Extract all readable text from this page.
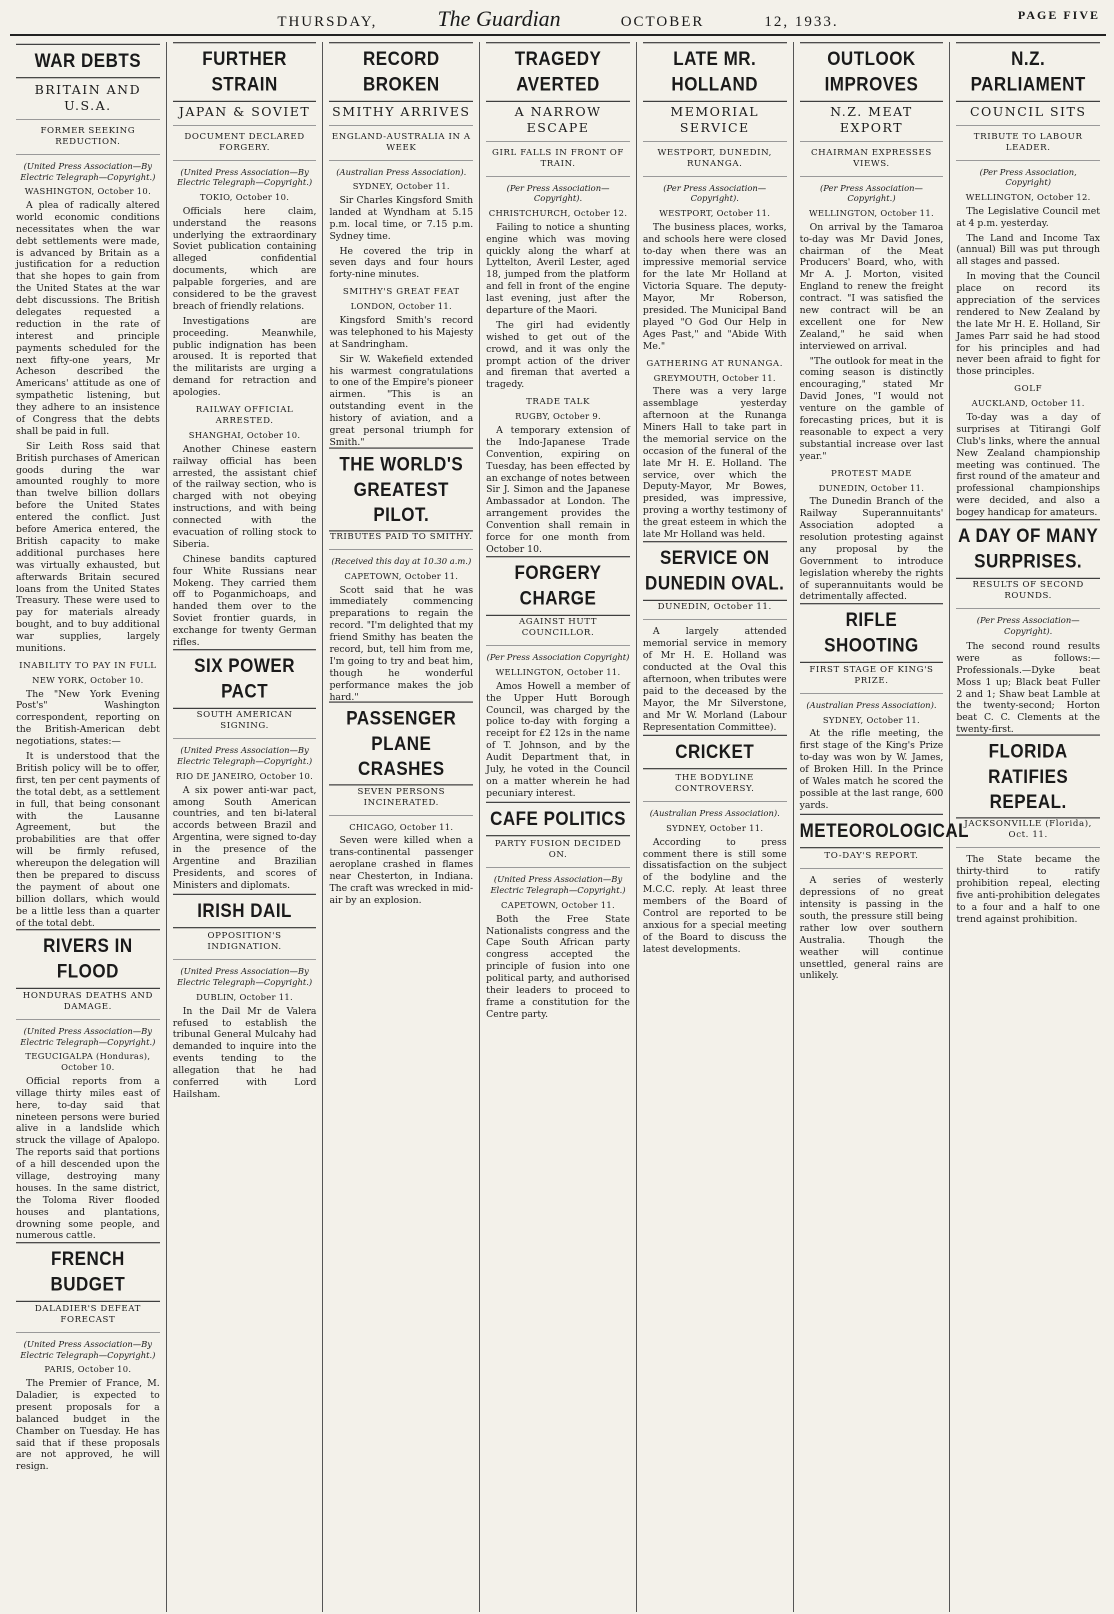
THURSDAY,	The Guardian	OCTOBER	12, 1933.	PAGE FIVE
WAR DEBTS
BRITAIN AND U.S.A.
FORMER SEEKING REDUCTION.
(United Press Association—By Electric Telegraph—Copyright.)
WASHINGTON, October 10.

A plea of radically altered world economic conditions necessitates when the war debt settlements were made, is advanced by Britain as a justification for a reduction that she hopes to gain from the United States at the war debt discussions. The British delegates requested a reduction in the rate of interest and principle payments scheduled for the next fifty-one years, Mr Acheson described the Americans' attitude as one of sympathetic listening, but they adhere to an insistence of Congress that the debts shall be paid in full.

Sir Leith Ross said that British purchases of American goods during the war amounted roughly to more than twelve billion dollars before the United States entered the conflict. Just before America entered, the British capacity to make additional purchases here was virtually exhausted, but afterwards Britain secured loans from the United States Treasury. These were used to pay for materials already bought, and to buy additional war supplies, largely munitions.

INABILITY TO PAY IN FULL
NEW YORK, October 10.

The "New York Evening Post's" Washington correspondent, reporting on the British-American debt negotiations, states:—

It is understood that the British policy will be to offer, first, ten per cent payments of the total debt, as a settlement in full, that being consonant with the Lausanne Agreement, but the probabilities are that offer will be firmly refused, whereupon the delegation will then be prepared to discuss the payment of about one billion dollars, which would be a little less than a quarter of the total debt.

RIVERS IN FLOOD
HONDURAS DEATHS AND DAMAGE.
(United Press Association—By Electric Telegraph—Copyright.)
TEGUCIGALPA (Honduras), October 10.

Official reports from a village thirty miles east of here, to-day said that nineteen persons were buried alive in a landslide which struck the village of Apalopo. The reports said that portions of a hill descended upon the village, destroying many houses. In the same district, the Toloma River flooded houses and plantations, drowning some people, and numerous cattle.

FRENCH BUDGET
DALADIER'S DEFEAT FORECAST
(United Press Association—By Electric Telegraph—Copyright.)
PARIS, October 10.

The Premier of France, M. Daladier, is expected to present proposals for a balanced budget in the Chamber on Tuesday. He has said that if these proposals are not approved, he will resign.

FURTHER STRAIN
JAPAN & SOVIET
DOCUMENT DECLARED FORGERY.
(United Press Association—By Electric Telegraph—Copyright.)
TOKIO, October 10.

Officials here claim, understand the reasons underlying the extraordinary Soviet publication containing alleged confidential documents, which are palpable forgeries, and are considered to be the gravest breach of friendly relations.

Investigations are proceeding. Meanwhile, public indignation has been aroused. It is reported that the militarists are urging a demand for retraction and apologies.

RAILWAY OFFICIAL ARRESTED.
SHANGHAI, October 10.

Another Chinese eastern railway official has been arrested, the assistant chief of the railway section, who is charged with not obeying instructions, and with being connected with the evacuation of rolling stock to Siberia.

Chinese bandits captured four White Russians near Mokeng. They carried them off to Poganmichoaps, and handed them over to the Soviet frontier guards, in exchange for twenty German rifles.

SIX POWER PACT
SOUTH AMERICAN SIGNING.
(United Press Association—By Electric Telegraph—Copyright.)
RIO DE JANEIRO, October 10.

A six power anti-war pact, among South American countries, and ten bi-lateral accords between Brazil and Argentina, were signed to-day in the presence of the Argentine and Brazilian Presidents, and scores of Ministers and diplomats.

IRISH DAIL
OPPOSITION'S INDIGNATION.
(United Press Association—By Electric Telegraph—Copyright.)
DUBLIN, October 11.

In the Dail Mr de Valera refused to establish the tribunal General Mulcahy had demanded to inquire into the events tending to the allegation that he had conferred with Lord Hailsham.

RECORD BROKEN
SMITHY ARRIVES
ENGLAND-AUSTRALIA IN A WEEK
(Australian Press Association).
SYDNEY, October 11.

Sir Charles Kingsford Smith landed at Wyndham at 5.15 p.m. local time, or 7.15 p.m. Sydney time.

He covered the trip in seven days and four hours forty-nine minutes.

SMITHY'S GREAT FEAT
LONDON, October 11.

Kingsford Smith's record was telephoned to his Majesty at Sandringham.

Sir W. Wakefield extended his warmest congratulations to one of the Empire's pioneer airmen. "This is an outstanding event in the history of aviation, and a great personal triumph for Smith."

THE WORLD'S GREATEST PILOT.
TRIBUTES PAID TO SMITHY.
(Received this day at 10.30 a.m.)
CAPETOWN, October 11.

Scott said that he was immediately commencing preparations to regain the record. "I'm delighted that my friend Smithy has beaten the record, but, tell him from me, I'm going to try and beat him, though he wonderful performance makes the job hard."

PASSENGER PLANE CRASHES
SEVEN PERSONS INCINERATED.
CHICAGO, October 11.

Seven were killed when a trans-continental passenger aeroplane crashed in flames near Chesterton, in Indiana. The craft was wrecked in mid-air by an explosion.

TRAGEDY AVERTED
A NARROW ESCAPE
GIRL FALLS IN FRONT OF TRAIN.
(Per Press Association—Copyright).
CHRISTCHURCH, October 12.

Failing to notice a shunting engine which was moving quickly along the wharf at Lyttelton, Averil Lester, aged 18, jumped from the platform and fell in front of the engine last evening, just after the departure of the Maori.

The girl had evidently wished to get out of the crowd, and it was only the prompt action of the driver and fireman that averted a tragedy.

TRADE TALK
RUGBY, October 9.

A temporary extension of the Indo-Japanese Trade Convention, expiring on Tuesday, has been effected by an exchange of notes between Sir J. Simon and the Japanese Ambassador at London. The arrangement provides the Convention shall remain in force for one month from October 10.

FORGERY CHARGE
AGAINST HUTT COUNCILLOR.
(Per Press Association Copyright)
WELLINGTON, October 11.

Amos Howell a member of the Upper Hutt Borough Council, was charged by the police to-day with forging a receipt for £2 12s in the name of T. Johnson, and by the Audit Department that, in July, he voted in the Council on a matter wherein he had pecuniary interest.

CAFE POLITICS
PARTY FUSION DECIDED ON.
(United Press Association—By Electric Telegraph—Copyright.)
CAPETOWN, October 11.

Both the Free State Nationalists congress and the Cape South African party congress accepted the principle of fusion into one political party, and authorised their leaders to proceed to frame a constitution for the Centre party.

LATE MR. HOLLAND
MEMORIAL SERVICE
WESTPORT, DUNEDIN, RUNANGA.
(Per Press Association—Copyright).
WESTPORT, October 11.

The business places, works, and schools here were closed to-day when there was an impressive memorial service for the late Mr Holland at Victoria Square. The deputy-Mayor, Mr Roberson, presided. The Municipal Band played "O God Our Help in Ages Past," and "Abide With Me."

GATHERING AT RUNANGA.
GREYMOUTH, October 11.

There was a very large assemblage yesterday afternoon at the Runanga Miners Hall to take part in the memorial service on the occasion of the funeral of the late Mr H. E. Holland. The service, over which the Deputy-Mayor, Mr Bowes, presided, was impressive, proving a worthy testimony of the great esteem in which the late Mr Holland was held.

SERVICE ON DUNEDIN OVAL.
DUNEDIN, October 11.

A largely attended memorial service in memory of Mr H. E. Holland was conducted at the Oval this afternoon, when tributes were paid to the deceased by the Mayor, the Mr Silverstone, and Mr W. Morland (Labour Representation Committee).

CRICKET
THE BODYLINE CONTROVERSY.
(Australian Press Association).
SYDNEY, October 11.

According to press comment there is still some dissatisfaction on the subject of the bodyline and the M.C.C. reply. At least three members of the Board of Control are reported to be anxious for a special meeting of the Board to discuss the latest developments.

OUTLOOK IMPROVES
N.Z. MEAT EXPORT
CHAIRMAN EXPRESSES VIEWS.
(Per Press Association—Copyright.)
WELLINGTON, October 11.

On arrival by the Tamaroa to-day was Mr David Jones, chairman of the Meat Producers' Board, who, with Mr A. J. Morton, visited England to renew the freight contract. "I was satisfied the new contract will be an excellent one for New Zealand," he said when interviewed on arrival.

"The outlook for meat in the coming season is distinctly encouraging," stated Mr David Jones, "I would not venture on the gamble of forecasting prices, but it is reasonable to expect a very substantial increase over last year."

PROTEST MADE
DUNEDIN, October 11.

The Dunedin Branch of the Railway Superannuitants' Association adopted a resolution protesting against any proposal by the Government to introduce legislation whereby the rights of superannuitants would be detrimentally affected.

RIFLE SHOOTING
FIRST STAGE OF KING'S PRIZE.
(Australian Press Association).
SYDNEY, October 11.

At the rifle meeting, the first stage of the King's Prize to-day was won by W. James, of Broken Hill. In the Prince of Wales match he scored the possible at the last range, 600 yards.

METEOROLOGICAL
TO-DAY'S REPORT.

A series of westerly depressions of no great intensity is passing in the south, the pressure still being rather low over southern Australia. Though the weather will continue unsettled, general rains are unlikely.

N.Z. PARLIAMENT
COUNCIL SITS
TRIBUTE TO LABOUR LEADER.
(Per Press Association, Copyright)
WELLINGTON, October 12.

The Legislative Council met at 4 p.m. yesterday.

The Land and Income Tax (annual) Bill was put through all stages and passed.

In moving that the Council place on record its appreciation of the services rendered to New Zealand by the late Mr H. E. Holland, Sir James Parr said he had stood for his principles and had never been afraid to fight for those principles.

GOLF
AUCKLAND, October 11.

To-day was a day of surprises at Titirangi Golf Club's links, where the annual New Zealand championship meeting was continued. The first round of the amateur and professional championships were decided, and also a bogey handicap for amateurs.

A DAY OF MANY SURPRISES.
RESULTS OF SECOND ROUNDS.
(Per Press Association—Copyright).

The second round results were as follows:—Professionals.—Dyke beat Moss 1 up; Black beat Fuller 2 and 1; Shaw beat Lamble at the twenty-second; Horton beat C. C. Clements at the twenty-first.

FLORIDA RATIFIES REPEAL.
JACKSONVILLE (Florida), Oct. 11.

The State became the thirty-third to ratify prohibition repeal, electing five anti-prohibition delegates to a four and a half to one trend against prohibition.
